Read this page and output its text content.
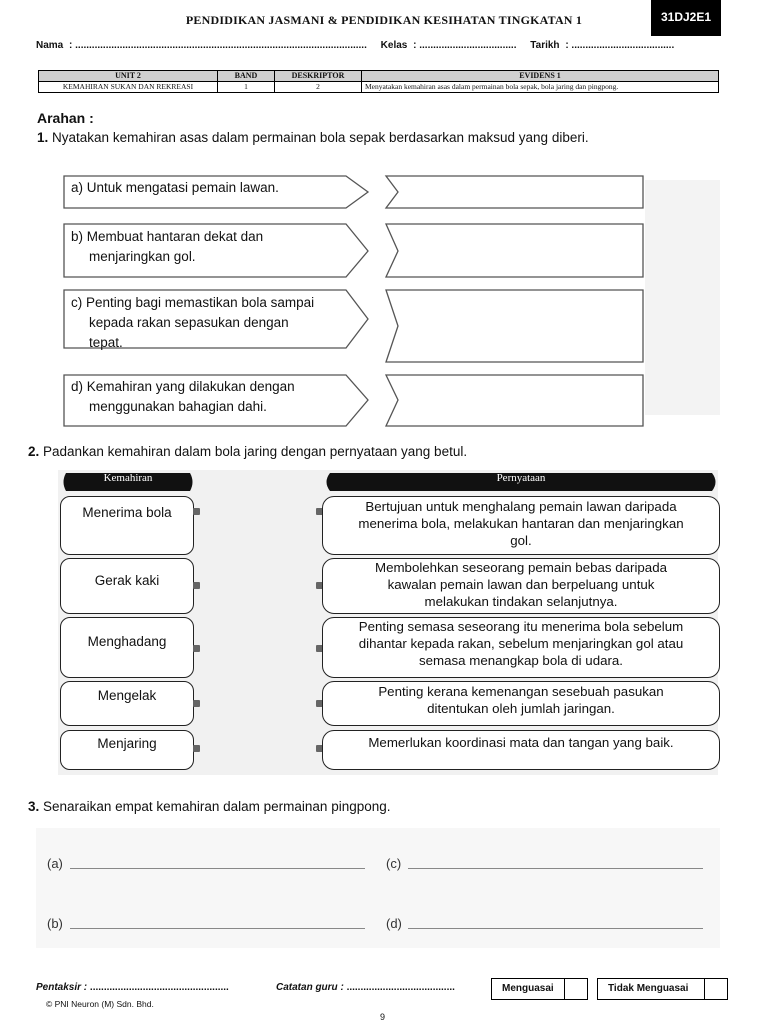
PENDIDIKAN JASMANI & PENDIDIKAN KESIHATAN TINGKATAN 1	31DJ2E1
Nama : ......................................................................................................... Kelas : ................................... Tarikh : .....................................
UNIT 2	BAND	DESKRIPTOR	EVIDENS 1
KEMAHIRAN SUKAN DAN REKREASI	1	2	Menyatakan kemahiran asas dalam permainan bola sepak, bola jaring dan pingpong.
Arahan :
1. Nyatakan kemahiran asas dalam permainan bola sepak berdasarkan maksud yang diberi.
a) Untuk mengatasi pemain lawan.
b) Membuat hantaran dekat dan
menjaringkan gol.
c) Penting bagi memastikan bola sampai
kepada rakan sepasukan dengan
tepat.
d) Kemahiran yang dilakukan dengan
menggunakan bahagian dahi.
2. Padankan kemahiran dalam bola jaring dengan pernyataan yang betul.
Kemahiran	Pernyataan
Menerima bola
Gerak kaki
Menghadang
Mengelak
Menjaring
Bertujuan untuk menghalang pemain lawan daripada
menerima bola, melakukan hantaran dan menjaringkan
gol.
Membolehkan seseorang pemain bebas daripada
kawalan pemain lawan dan berpeluang untuk
melakukan tindakan selanjutnya.
Penting semasa seseorang itu menerima bola sebelum
dihantar kepada rakan, sebelum menjaringkan gol atau
semasa menangkap bola di udara.
Penting kerana kemenangan sesebuah pasukan
ditentukan oleh jumlah jaringan.
Memerlukan koordinasi mata dan tangan yang baik.
3. Senaraikan empat kemahiran dalam permainan pingpong.
(a)	(c)
(b)	(d)
Pentaksir : ..................................................	Catatan guru : .......................................	Menguasai	Tidak Menguasai
© PNI Neuron (M) Sdn. Bhd.
9
